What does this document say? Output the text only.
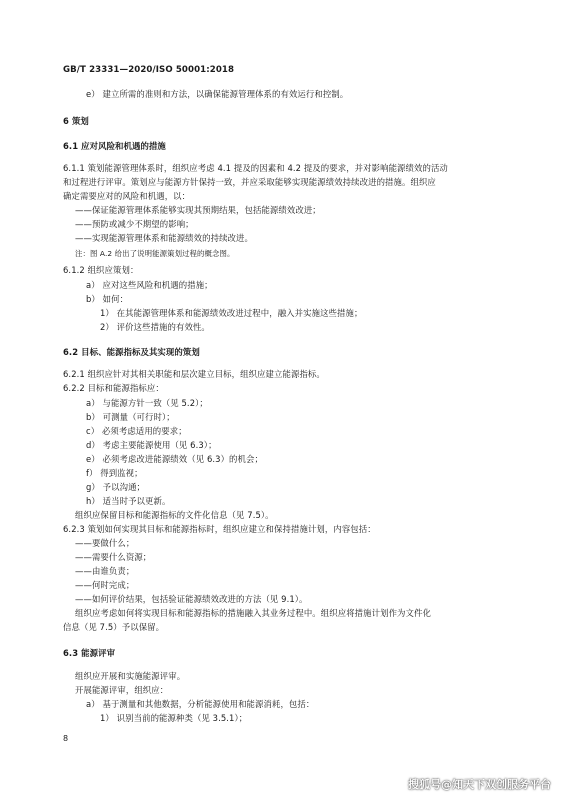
GB/T 23331—2020/ISO 50001:2018
e） 建立所需的准则和方法，以确保能源管理体系的有效运行和控制。
6 策划
6.1 应对风险和机遇的措施
6.1.1 策划能源管理体系时，组织应考虑 4.1 提及的因素和 4.2 提及的要求，并对影响能源绩效的活动
和过程进行评审。策划应与能源方针保持一致，并应采取能够实现能源绩效持续改进的措施。组织应
确定需要应对的风险和机遇，以：
——保证能源管理体系能够实现其预期结果，包括能源绩效改进；
——预防或减少不期望的影响；
——实现能源管理体系和能源绩效的持续改进。
注：图 A.2 给出了说明能源策划过程的概念图。
6.1.2 组织应策划：
a） 应对这些风险和机遇的措施；
b） 如何：
1） 在其能源管理体系和能源绩效改进过程中，融入并实施这些措施；
2） 评价这些措施的有效性。
6.2 目标、能源指标及其实现的策划
6.2.1 组织应针对其相关职能和层次建立目标，组织应建立能源指标。
6.2.2 目标和能源指标应：
a） 与能源方针一致（见 5.2）；
b） 可测量（可行时）；
c） 必须考虑适用的要求；
d） 考虑主要能源使用（见 6.3）；
e） 必须考虑改进能源绩效（见 6.3）的机会；
f） 得到监视；
g） 予以沟通；
h） 适当时予以更新。
组织应保留目标和能源指标的文件化信息（见 7.5）。
6.2.3 策划如何实现其目标和能源指标时，组织应建立和保持措施计划，内容包括：
——要做什么；
——需要什么资源；
——由谁负责；
——何时完成；
——如何评价结果，包括验证能源绩效改进的方法（见 9.1）。
组织应考虑如何将实现目标和能源指标的措施融入其业务过程中。组织应将措施计划作为文件化
信息（见 7.5）予以保留。
6.3 能源评审
组织应开展和实施能源评审。
开展能源评审，组织应：
a） 基于测量和其他数据，分析能源使用和能源消耗，包括：
1） 识别当前的能源种类（见 3.5.1）；
8
搜狐号@知天下双创服务平台
